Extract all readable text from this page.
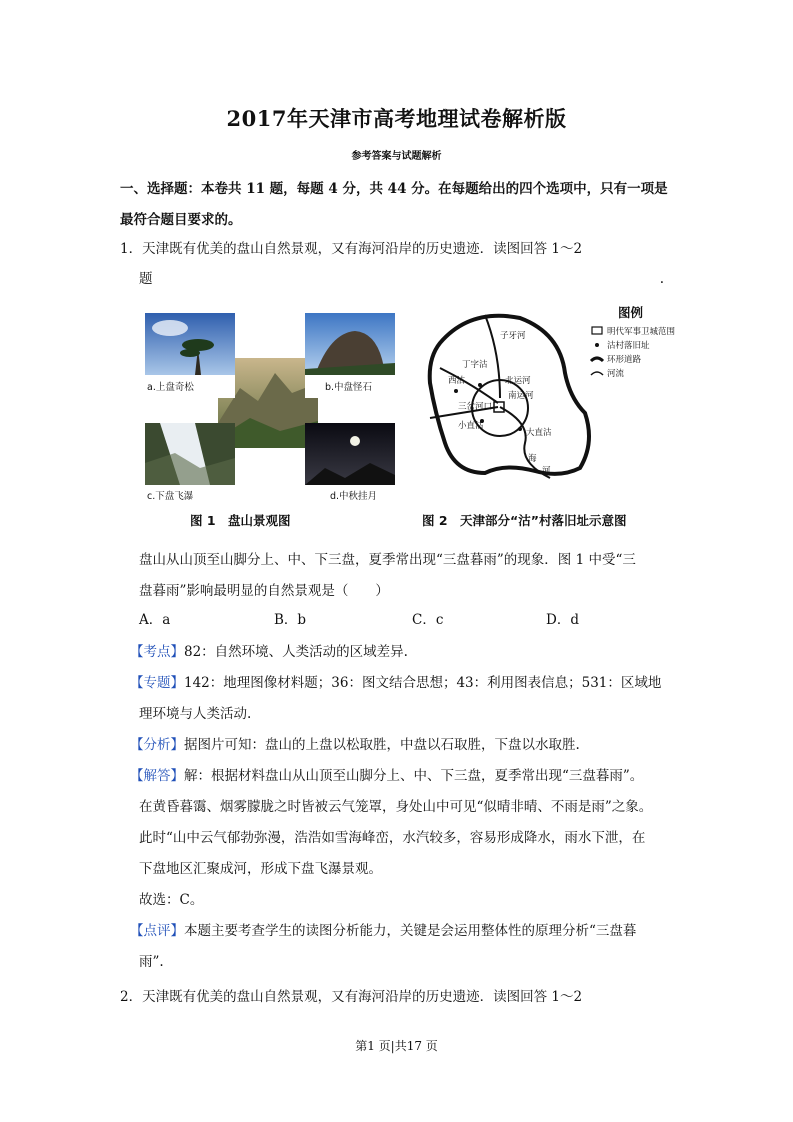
2017年天津市高考地理试卷解析版
参考答案与试题解析
一、选择题：本卷共 11 题，每题 4 分，共 44 分。在每题给出的四个选项中，只有一项是
最符合题目要求的。
1．天津既有优美的盘山自然景观，又有海河沿岸的历史遗迹．读图回答 1～2
题	.
a.上盘奇松	b.中盘怪石
c.下盘飞瀑	d.中秋挂月
图 1　盘山景观图
丁字沽
西沽
三岔河口
小直沽
大直沽
海
河
子牙河
北运河
南运河
图例
明代军事卫城范围
沽村落旧址
环形道路
河流
图 2　天津部分“沽”村落旧址示意图
盘山从山顶至山脚分上、中、下三盘，夏季常出现“三盘暮雨”的现象．图 1 中受“三
盘暮雨”影响最明显的自然景观是（　　）
A．a	B．b	C．c	D．d
【考点】82：自然环境、人类活动的区域差异.
【专题】142：地理图像材料题；36：图文结合思想；43：利用图表信息；531：区域地
理环境与人类活动.
【分析】据图片可知：盘山的上盘以松取胜，中盘以石取胜，下盘以水取胜.
【解答】解：根据材料盘山从山顶至山脚分上、中、下三盘，夏季常出现“三盘暮雨”。
在黄昏暮霭、烟雾朦胧之时皆被云气笼罩，身处山中可见“似晴非晴、不雨是雨”之象。
此时“山中云气郁勃弥漫，浩浩如雪海峰峦，水汽较多，容易形成降水，雨水下泄，在
下盘地区汇聚成河，形成下盘飞瀑景观。
故选：C。
【点评】本题主要考查学生的读图分析能力，关键是会运用整体性的原理分析“三盘暮
雨”.
2．天津既有优美的盘山自然景观，又有海河沿岸的历史遗迹．读图回答 1～2
第1 页|共17 页
